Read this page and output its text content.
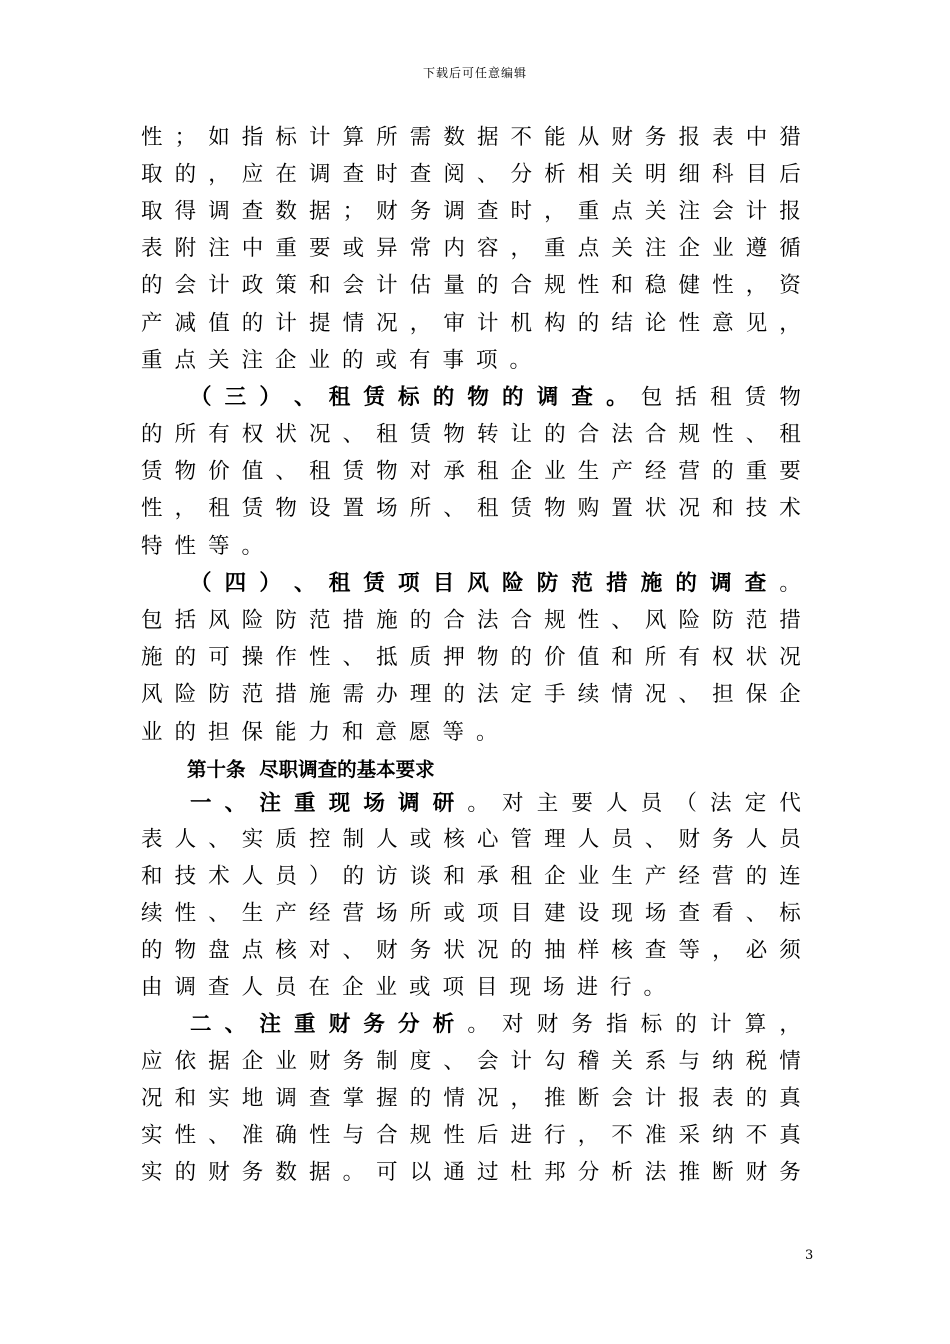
下载后可任意编辑
性 ； 如 指 标 计 算 所 需 数 据 不 能 从 财 务 报 表 中 猎
取 的 ， 应 在 调 查 时 查 阅 、 分 析 相 关 明 细 科 目 后
取 得 调 查 数 据 ； 财 务 调 查 时 ， 重 点 关 注 会 计 报
表 附 注 中 重 要 或 异 常 内 容 ， 重 点 关 注 企 业 遵 循
的 会 计 政 策 和 会 计 估 量 的 合 规 性 和 稳 健 性 ， 资
产 减 值 的 计 提 情 况 ， 审 计 机 构 的 结 论 性 意 见 ，
重点关注企业的或有事项。
（ 三 ） 、 租 赁 标 的 物 的 调 查 。 包 括 租 赁 物
的 所 有 权 状 况 、 租 赁 物 转 让 的 合 法 合 规 性 、 租
赁 物 价 值 、 租 赁 物 对 承 租 企 业 生 产 经 营 的 重 要
性 ， 租 赁 物 设 置 场 所 、 租 赁 物 购 置 状 况 和 技 术
特性等。
（ 四 ） 、 租 赁 项 目 风 险 防 范 措 施 的 调 查 。
包 括 风 险 防 范 措 施 的 合 法 合 规 性 、 风 险 防 范 措
施 的 可 操 作 性 、 抵 质 押 物 的 价 值 和 所 有 权 状 况
风 险 防 范 措 施 需 办 理 的 法 定 手 续 情 况 、 担 保 企
业的担保能力和意愿等。
第十条  尽职调查的基本要求
一 、 注 重 现 场 调 研 。 对 主 要 人 员 （ 法 定 代
表 人 、 实 质 控 制 人 或 核 心 管 理 人 员 、 财 务 人 员
和 技 术 人 员 ） 的 访 谈 和 承 租 企 业 生 产 经 营 的 连
续 性 、 生 产 经 营 场 所 或 项 目 建 设 现 场 查 看 、 标
的 物 盘 点 核 对 、 财 务 状 况 的 抽 样 核 查 等 ， 必 须
由调查人员在企业或项目现场进行。
二 、 注 重 财 务 分 析 。 对 财 务 指 标 的 计 算 ，
应 依 据 企 业 财 务 制 度 、 会 计 勾 稽 关 系 与 纳 税 情
况 和 实 地 调 查 掌 握 的 情 况 ， 推 断 会 计 报 表 的 真
实 性 、 准 确 性 与 合 规 性 后 进 行 ， 不 准 采 纳 不 真
实 的 财 务 数 据 。 可 以 通 过 杜 邦 分 析 法 推 断 财 务
3
